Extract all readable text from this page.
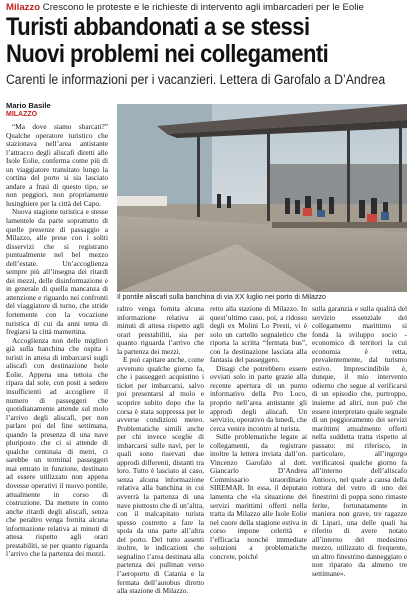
Milazzo Crescono le proteste e le richieste di intervento agli imbarcaderi per le Eolie
Turisti abbandonati a se stessi
Nuovi problemi nei collegamenti
Carenti le informazioni per i vacanzieri. Lettera di Garofalo a D’Andrea
Mario Basile
MILAZZO

“Ma dove siamo sbarcati?” Qualche operatore turistico che stazionava nell’area antistante l’attracco degli aliscafi diretti alle Isole Eolie, conferma come più di un viaggiatore transitato lungo la cortina del porto si sia lasciato andare a frasi di questo tipo, se non peggiori, non propriamente lusinghiere per la città del Capo.

Nuova stagione turistica e stesse lamentele da parte soprattutto di quelle presenze di passaggio a Milazzo, alle prese con i soliti disservizi che si registrano puntualmente nel bel mezzo dell’estate. Un’accoglienza sempre più all’insegna dei ritardi dei mezzi, delle disinformazione e in generale di quella mancanza di attenzione e riguardo nei confronti del viaggiatore di turno, che stride fortemente con la vocazione turistica di cui da anni tenta di fregiarsi la città mamertina.

Accoglienza non delle migliori già sulla banchina che ospita i turisti in attesa di imbarcarsi sugli aliscafi con destinazione Isole Eolie. Appena una tettoia che ripara dal sole, con posti a sedere insufficienti ad accogliere il numero di passeggeri che quotidianamente attende sul molo l’arrivo degli aliscafi, per non parlare poi del fine settimana, quando la presenza di una nave pluriposto che ci si attende di qualche centinaia di metri, ci sarebbe un terminal passeggeri mai entrato in funzione, destinato ad essere utilizzato non appena dovesse operativi il nuovo pontile, attualmente in corso di costruzione. Da mettere in conto anche ritardi degli aliscafi, senza che peraltro venga fornita alcuna informazione relativa ai minuti di attesa rispetto agli orari prestabiliti, se per quanto riguarda l’arrivo che la partenza dei mezzi.

Il pontile aliscafi sulla banchina di via XX luglio nei porto di Milazzo

raltro venga fornita alcuna informazione relativa ai minuti di attesa rispetto agli orari prestabiliti, sia per quanto riguarda l’arrivo che la partenza dei mezzi.

E può capitare anche, come avvenuto qualche giorno fa, che i passeggeri acquistino i ticket per imbarcarsi, salvo poi presentarsi al molo e scoprire subito dopo che la corsa è stata soppressa per le avverse condizioni meteo. Problematiche simili anche per chi invece sceglie di imbarcarsi sulle navi, per le quali sono riservati due approdi differenti, distanti tra loro. Tutto è lasciato al caso, senza alcuna informazione relativa alla banchina in cui avverrà la partenza di una nave piuttosto che di un’altra, con il malcapitato turista spesso costretto a fare la spola da una parte all’altra del porto. Del tutto assenti inoltre, le indicazioni che segnalino l’area destinata alla partenza dei pullman verso l’aeroporto di Catania e la fermata dell’autobus diretto alla stazione di Milazzo.

retto alla stazione di Milazzo. In quest’ultimo caso, poi, a ridosso degli ex Molini Lo Presti, vi è solo un cartello segnaletico che riporta la scritta “fermata bus”, con la destinazione lasciata alla fantasia del passeggero.

Disagi che potrebbero essere ovviati solo in parte grazie alla recente apertura di un punto informativo della Pro Loco, proprio nell’area antistante gli approdi degli aliscafi. Un servizio, operativo da lunedì, che cerca venire incontro al turista.

Sulle problematiche legate ai collegamenti, da registrare inoltre la lettera inviata dall’on. Vincenzo Garofalo al dott. Giancarlo D’Andrea Commissario straordinario SIREMAR. In essa, il deputato lamenta che «la situazione dei servizi marittimi offerti nella tratta da Milazzo alle Isole Eolie nel cuore della stagione estiva in corso impone celerità e l’efficacia nonché immediate soluzioni a problematiche concrete, poiché

sulla garanzia e sulla qualità del servizio essenziale del collegamento marittimo si fonda la sviluppo socio - economico di territori la cui economia è retta, prevalentemente, dal turismo estivo. Imprescindibile è, dunque, il mio intervento odierno che segue al verificarsi di un episodio che, purtroppo, insieme ad altri, non può che essere interpretato quale segnale di un peggioramento dei servizi marittimi attualmente offerti nella suddetta tratta rispetto al passato: mi riferisco, in particolare, all’ingorgo verificatosi qualche giorno fa all’interno dell’aliscafo Antioco, nel quale a causa della rottura del vetro di uno dei finestrini di poppa sono rimaste ferite, fortunatamente in maniera non grave, tre ragazze di Lipari, una delle quali ha riferito di avere notato all’interno del medesimo mezzo, utilizzato di frequente, un altro finestrino danneggiato e non riparato da almeno tre settimane».
